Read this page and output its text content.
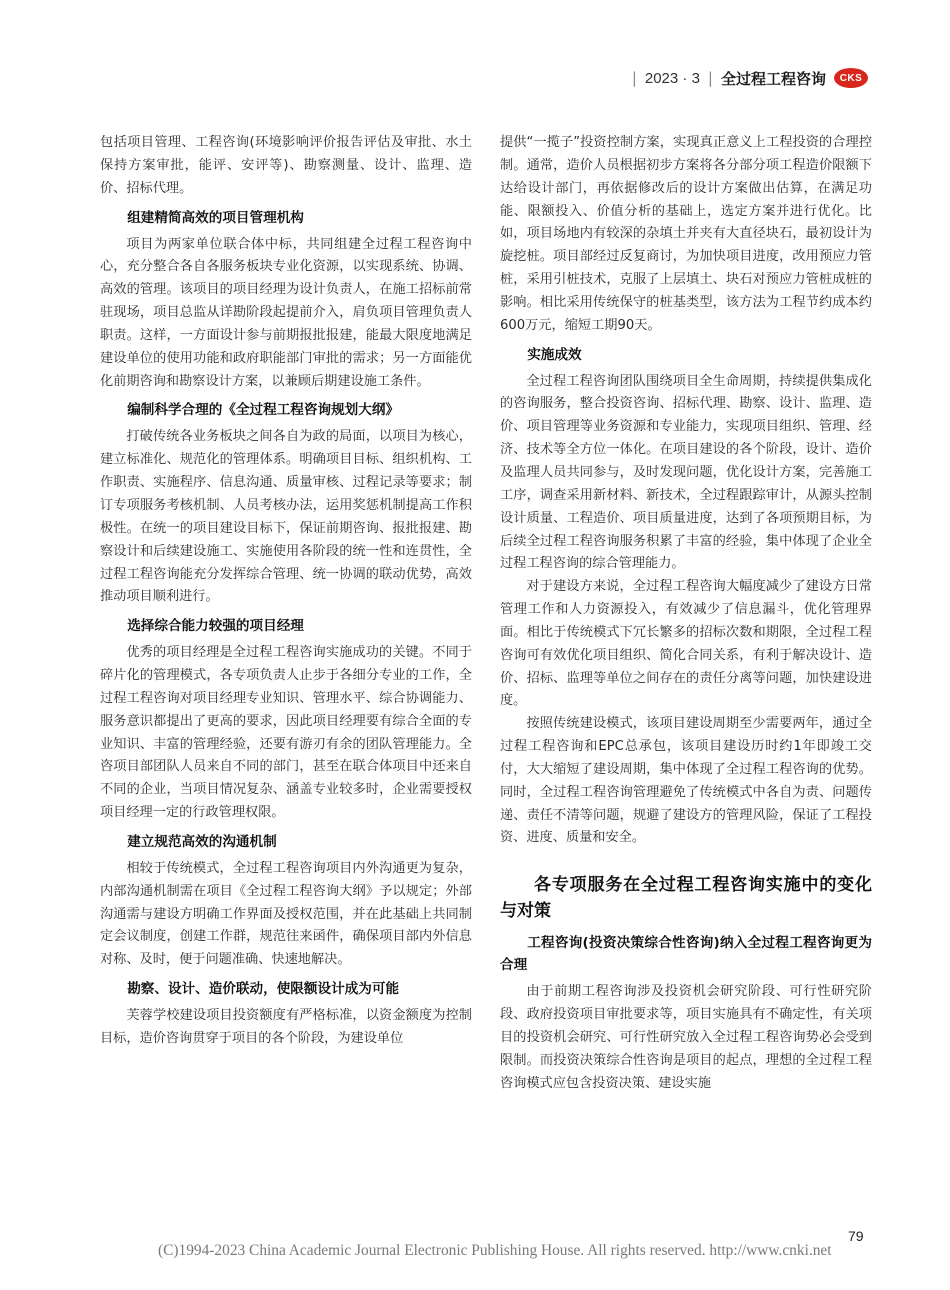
| 2023 · 3 | 全过程工程咨询	CKS

包括项目管理、工程咨询(环境影响评价报告评估及审批、水土保持方案审批，能评、安评等)、勘察测量、设计、监理、造价、招标代理。

组建精简高效的项目管理机构

项目为两家单位联合体中标，共同组建全过程工程咨询中心，充分整合各自各服务板块专业化资源，以实现系统、协调、高效的管理。该项目的项目经理为设计负责人，在施工招标前常驻现场，项目总监从详勘阶段起提前介入，肩负项目管理负责人职责。这样，一方面设计参与前期报批报建，能最大限度地满足建设单位的使用功能和政府职能部门审批的需求；另一方面能优化前期咨询和勘察设计方案，以兼顾后期建设施工条件。

编制科学合理的《全过程工程咨询规划大纲》

打破传统各业务板块之间各自为政的局面，以项目为核心，建立标准化、规范化的管理体系。明确项目目标、组织机构、工作职责、实施程序、信息沟通、质量审核、过程记录等要求；制订专项服务考核机制、人员考核办法，运用奖惩机制提高工作积极性。在统一的项目建设目标下，保证前期咨询、报批报建、勘察设计和后续建设施工、实施使用各阶段的统一性和连贯性，全过程工程咨询能充分发挥综合管理、统一协调的联动优势，高效推动项目顺利进行。

选择综合能力较强的项目经理

优秀的项目经理是全过程工程咨询实施成功的关键。不同于碎片化的管理模式，各专项负责人止步于各细分专业的工作，全过程工程咨询对项目经理专业知识、管理水平、综合协调能力、服务意识都提出了更高的要求，因此项目经理要有综合全面的专业知识、丰富的管理经验，还要有游刃有余的团队管理能力。全咨项目部团队人员来自不同的部门，甚至在联合体项目中还来自不同的企业，当项目情况复杂、涵盖专业较多时，企业需要授权项目经理一定的行政管理权限。

建立规范高效的沟通机制

相较于传统模式，全过程工程咨询项目内外沟通更为复杂，内部沟通机制需在项目《全过程工程咨询大纲》予以规定；外部沟通需与建设方明确工作界面及授权范围，并在此基础上共同制定会议制度，创建工作群，规范往来函件，确保项目部内外信息对称、及时，便于问题准确、快速地解决。

勘察、设计、造价联动，使限额设计成为可能

芙蓉学校建设项目投资额度有严格标准，以资金额度为控制目标，造价咨询贯穿于项目的各个阶段，为建设单位

提供“一揽子”投资控制方案，实现真正意义上工程投资的合理控制。通常，造价人员根据初步方案将各分部分项工程造价限额下达给设计部门，再依据修改后的设计方案做出估算，在满足功能、限额投入、价值分析的基础上，选定方案并进行优化。比如，项目场地内有较深的杂填土并夹有大直径块石，最初设计为旋挖桩。项目部经过反复商讨，为加快项目进度，改用预应力管桩，采用引桩技术，克服了上层填土、块石对预应力管桩成桩的影响。相比采用传统保守的桩基类型，该方法为工程节约成本约600万元，缩短工期90天。

实施成效

全过程工程咨询团队围绕项目全生命周期，持续提供集成化的咨询服务，整合投资咨询、招标代理、勘察、设计、监理、造价、项目管理等业务资源和专业能力，实现项目组织、管理、经济、技术等全方位一体化。在项目建设的各个阶段，设计、造价及监理人员共同参与，及时发现问题，优化设计方案，完善施工工序，调查采用新材料、新技术，全过程跟踪审计，从源头控制设计质量、工程造价、项目质量进度，达到了各项预期目标，为后续全过程工程咨询服务积累了丰富的经验，集中体现了企业全过程工程咨询的综合管理能力。

对于建设方来说，全过程工程咨询大幅度减少了建设方日常管理工作和人力资源投入，有效减少了信息漏斗，优化管理界面。相比于传统模式下冗长繁多的招标次数和期限，全过程工程咨询可有效优化项目组织、简化合同关系，有利于解决设计、造价、招标、监理等单位之间存在的责任分离等问题，加快建设进度。

按照传统建设模式，该项目建设周期至少需要两年，通过全过程工程咨询和EPC总承包，该项目建设历时约1年即竣工交付，大大缩短了建设周期，集中体现了全过程工程咨询的优势。同时，全过程工程咨询管理避免了传统模式中各自为责、问题传递、责任不清等问题，规避了建设方的管理风险，保证了工程投资、进度、质量和安全。

各专项服务在全过程工程咨询实施中的变化与对策
工程咨询(投资决策综合性咨询)纳入全过程工程咨询更为合理

由于前期工程咨询涉及投资机会研究阶段、可行性研究阶段、政府投资项目审批要求等，项目实施具有不确定性，有关项目的投资机会研究、可行性研究放入全过程工程咨询势必会受到限制。而投资决策综合性咨询是项目的起点，理想的全过程工程咨询模式应包含投资决策、建设实施

79
(C)1994-2023 China Academic Journal Electronic Publishing House. All rights reserved. http://www.cnki.net
